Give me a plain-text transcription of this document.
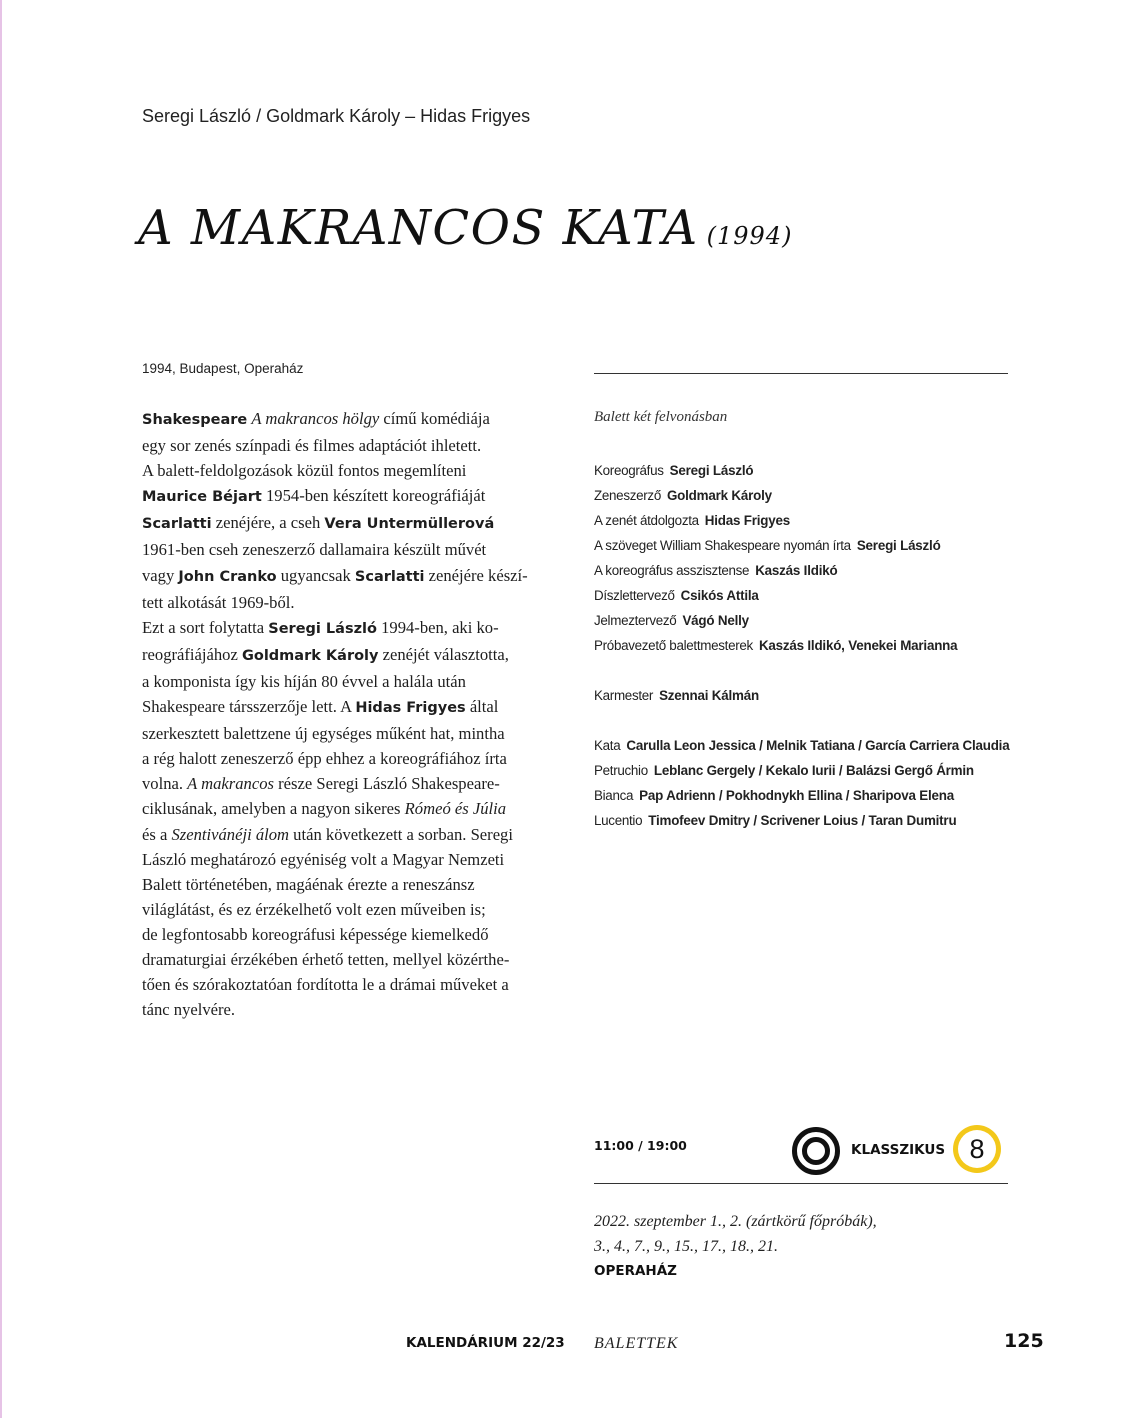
Seregi László / Goldmark Károly – Hidas Frigyes
A MAKRANCOS KATA (1994)
1994, Budapest, Operaház
Shakespeare A makrancos hölgy című komédiája
egy sor zenés színpadi és filmes adaptációt ihletett.
A balett-feldolgozások közül fontos megemlíteni
Maurice Béjart 1954-ben készített koreográfiáját
Scarlatti zenéjére, a cseh Vera Untermüllerová
1961-ben cseh zeneszerző dallamaira készült művét
vagy John Cranko ugyancsak Scarlatti zenéjére készí-
tett alkotását 1969-ből.
Ezt a sort folytatta Seregi László 1994-ben, aki ko-
reográfiájához Goldmark Károly zenéjét választotta,
a komponista így kis híján 80 évvel a halála után
Shakespeare társszerzője lett. A Hidas Frigyes által
szerkesztett balettzene új egységes műként hat, mintha
a rég halott zeneszerző épp ehhez a koreográfiához írta
volna. A makrancos része Seregi László Shakespeare-
ciklusának, amelyben a nagyon sikeres Rómeó és Júlia
és a Szentivánéji álom után következett a sorban. Seregi
László meghatározó egyéniség volt a Magyar Nemzeti
Balett történetében, magáénak érezte a reneszánsz
világlátást, és ez érzékelhető volt ezen műveiben is;
de legfontosabb koreográfusi képessége kiemelkedő
dramaturgiai érzékében érhető tetten, mellyel közérthe-
tően és szórakoztatóan fordította le a drámai műveket a
tánc nyelvére.
Balett két felvonásban
Koreográfus Seregi László
Zeneszerző Goldmark Károly
A zenét átdolgozta Hidas Frigyes
A szöveget William Shakespeare nyomán írta Seregi László
A koreográfus asszisztense Kaszás Ildikó
Díszlettervező Csikós Attila
Jelmeztervező Vágó Nelly
Próbavezető balettmesterek Kaszás Ildikó, Venekei Marianna
Karmester Szennai Kálmán
Kata Carulla Leon Jessica / Melnik Tatiana / García Carriera Claudia
Petruchio Leblanc Gergely / Kekalo Iurii / Balázsi Gergő Ármin
Bianca Pap Adrienn / Pokhodnykh Ellina / Sharipova Elena
Lucentio Timofeev Dmitry / Scrivener Loius / Taran Dumitru
11:00 / 19:00	KLASSZIKUS 8
2022. szeptember 1., 2. (zártkörű főpróbák),
3., 4., 7., 9., 15., 17., 18., 21.
OPERAHÁZ
KALENDÁRIUM 22/23 BALETTEK	125
